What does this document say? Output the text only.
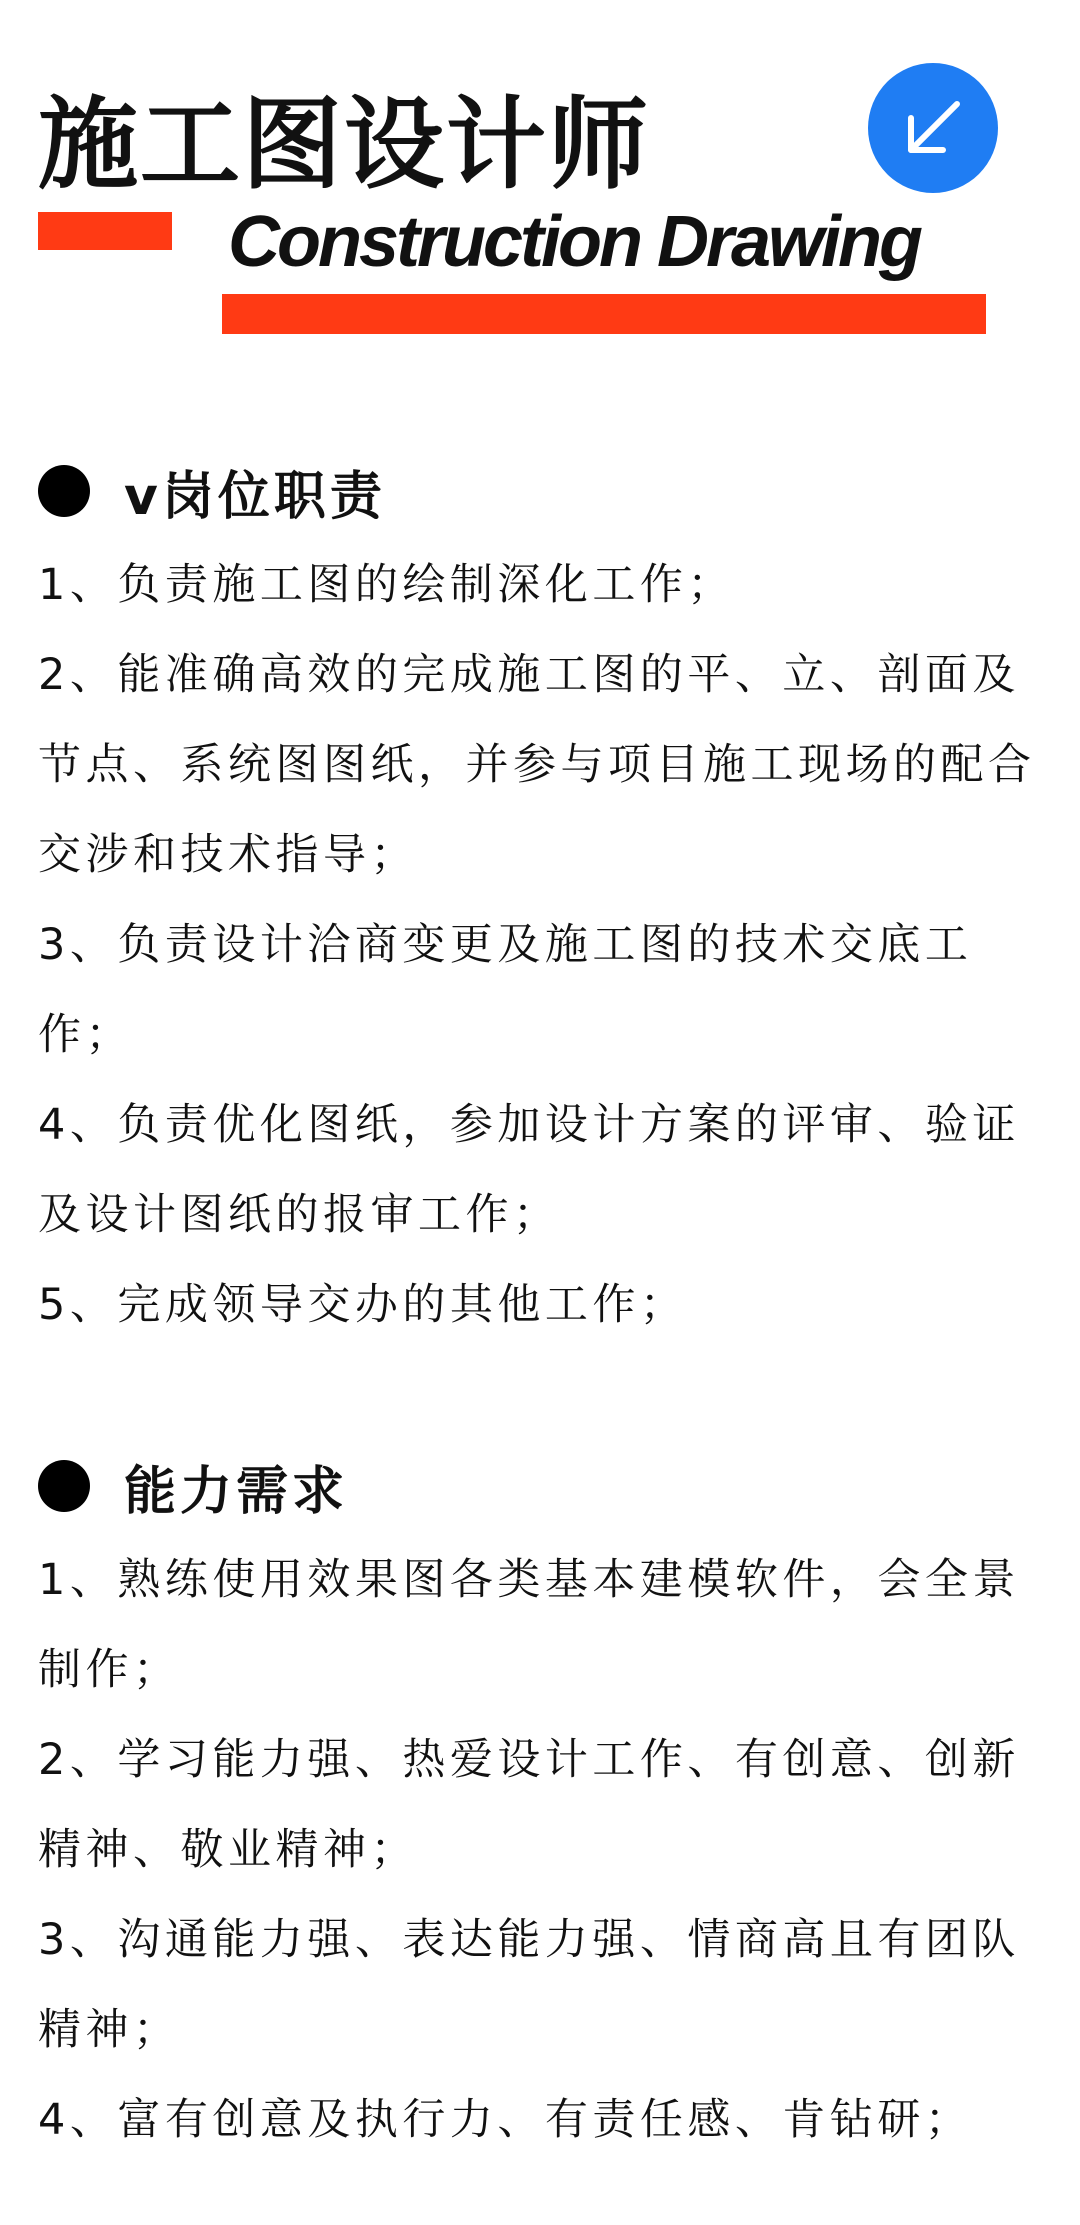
施工图设计师
Construction Drawing
v岗位职责

1、负责施工图的绘制深化工作；

2、能准确高效的完成施工图的平、立、剖面及节点、系统图图纸，并参与项目施工现场的配合交涉和技术指导；

3、负责设计洽商变更及施工图的技术交底工作；

4、负责优化图纸，参加设计方案的评审、验证及设计图纸的报审工作；

5、完成领导交办的其他工作；

能力需求

1、熟练使用效果图各类基本建模软件，会全景制作；

2、学习能力强、热爱设计工作、有创意、创新精神、敬业精神；

3、沟通能力强、表达能力强、情商高且有团队精神；

4、富有创意及执行力、有责任感、肯钻研；
